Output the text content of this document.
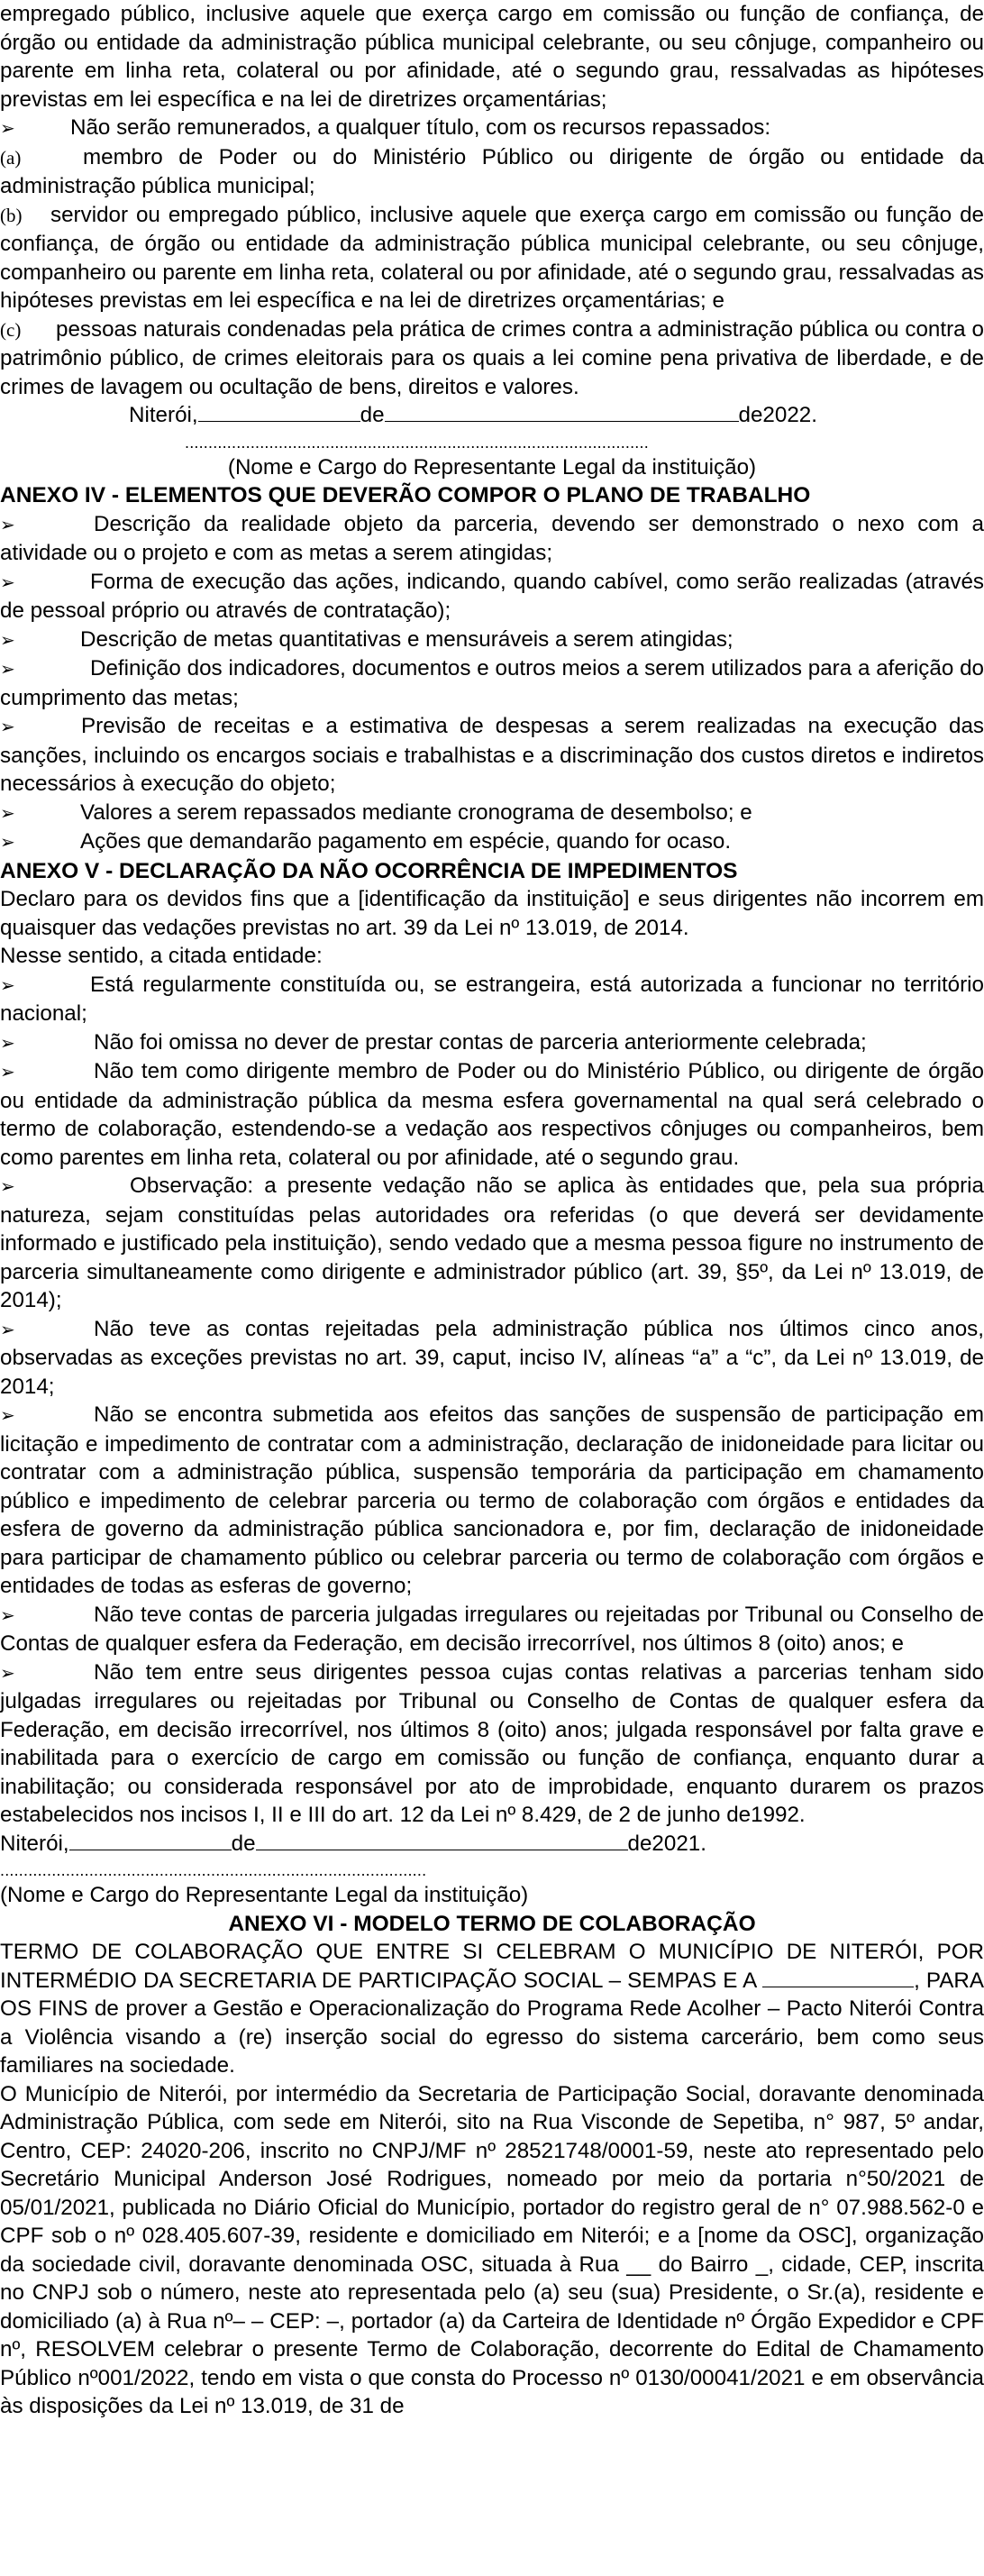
empregado público, inclusive aquele que exerça cargo em comissão ou função de confiança, de órgão ou entidade da administração pública municipal celebrante, ou seu cônjuge, companheiro ou parente em linha reta, colateral ou por afinidade, até o segundo grau, ressalvadas as hipóteses previstas em lei específica e na lei de diretrizes orçamentárias;

➢	Não serão remunerados, a qualquer título, com os recursos repassados:

(a)	membro de Poder ou do Ministério Público ou dirigente de órgão ou entidade da administração pública municipal;

(b) servidor ou empregado público, inclusive aquele que exerça cargo em comissão ou função de confiança, de órgão ou entidade da administração pública municipal celebrante, ou seu cônjuge, companheiro ou parente em linha reta, colateral ou por afinidade, até o segundo grau, ressalvadas as hipóteses previstas em lei específica e na lei de diretrizes orçamentárias; e

(c) pessoas naturais condenadas pela prática de crimes contra a administração pública ou contra o patrimônio público, de crimes eleitorais para os quais a lei comine pena privativa de liberdade, e de crimes de lavagem ou ocultação de bens, direitos e valores.

Niterói,	de	de2022.

...................................................................................................

(Nome e Cargo do Representante Legal da instituição)

ANEXO IV - ELEMENTOS QUE DEVERÃO COMPOR O PLANO DE TRABALHO

➢	Descrição da realidade objeto da parceria, devendo ser demonstrado o nexo com a atividade ou o projeto e com as metas a serem atingidas;

➢	Forma de execução das ações, indicando, quando cabível, como serão realizadas (através de pessoal próprio ou através de contratação);

➢	Descrição de metas quantitativas e mensuráveis a serem atingidas;

➢	Definição dos indicadores, documentos e outros meios a serem utilizados para a aferição do cumprimento das metas;

➢	Previsão de receitas e a estimativa de despesas a serem realizadas na execução das sanções, incluindo os encargos sociais e trabalhistas e a discriminação dos custos diretos e indiretos necessários à execução do objeto;

➢	Valores a serem repassados mediante cronograma de desembolso; e

➢	Ações que demandarão pagamento em espécie, quando for ocaso.

ANEXO V - DECLARAÇÃO DA NÃO OCORRÊNCIA DE IMPEDIMENTOS

Declaro para os devidos fins que a [identificação da instituição] e seus dirigentes não incorrem em quaisquer das vedações previstas no art. 39 da Lei nº 13.019, de 2014.

Nesse sentido, a citada entidade:

➢	Está regularmente constituída ou, se estrangeira, está autorizada a funcionar no território nacional;

➢	Não foi omissa no dever de prestar contas de parceria anteriormente celebrada;

➢	Não tem como dirigente membro de Poder ou do Ministério Público, ou dirigente de órgão ou entidade da administração pública da mesma esfera governamental na qual será celebrado o termo de colaboração, estendendo-se a vedação aos respectivos cônjuges ou companheiros, bem como parentes em linha reta, colateral ou por afinidade, até o segundo grau.

➢	Observação: a presente vedação não se aplica às entidades que, pela sua própria natureza, sejam constituídas pelas autoridades ora referidas (o que deverá ser devidamente informado e justificado pela instituição), sendo vedado que a mesma pessoa figure no instrumento de parceria simultaneamente como dirigente e administrador público (art. 39, §5º, da Lei nº 13.019, de 2014);

➢	Não teve as contas rejeitadas pela administração pública nos últimos cinco anos, observadas as exceções previstas no art. 39, caput, inciso IV, alíneas “a” a “c”, da Lei nº 13.019, de 2014;

➢	Não se encontra submetida aos efeitos das sanções de suspensão de participação em licitação e impedimento de contratar com a administração, declaração de inidoneidade para licitar ou contratar com a administração pública, suspensão temporária da participação em chamamento público e impedimento de celebrar parceria ou termo de colaboração com órgãos e entidades da esfera de governo da administração pública sancionadora e, por fim, declaração de inidoneidade para participar de chamamento público ou celebrar parceria ou termo de colaboração com órgãos e entidades de todas as esferas de governo;

➢	Não teve contas de parceria julgadas irregulares ou rejeitadas por Tribunal ou Conselho de Contas de qualquer esfera da Federação, em decisão irrecorrível, nos últimos 8 (oito) anos; e

➢	Não tem entre seus dirigentes pessoa cujas contas relativas a parcerias tenham sido julgadas irregulares ou rejeitadas por Tribunal ou Conselho de Contas de qualquer esfera da Federação, em decisão irrecorrível, nos últimos 8 (oito) anos; julgada responsável por falta grave e inabilitada para o exercício de cargo em comissão ou função de confiança, enquanto durar a inabilitação; ou considerada responsável por ato de improbidade, enquanto durarem os prazos estabelecidos nos incisos I, II e III do art. 12 da Lei nº 8.429, de 2 de junho de1992.

Niterói,	de	de2021.

...........................................................................................

(Nome e Cargo do Representante Legal da instituição)

ANEXO VI - MODELO TERMO DE COLABORAÇÃO

TERMO DE COLABORAÇÃO QUE ENTRE SI CELEBRAM O MUNICÍPIO DE NITERÓI, POR INTERMÉDIO DA SECRETARIA DE PARTICIPAÇÃO SOCIAL – SEMPAS E A	, PARA OS FINS de prover a Gestão e Operacionalização do Programa Rede Acolher – Pacto Niterói Contra a Violência visando a (re) inserção social do egresso do sistema carcerário, bem como seus familiares na sociedade.

O Município de Niterói, por intermédio da Secretaria de Participação Social, doravante denominada Administração Pública, com sede em Niterói, sito na Rua Visconde de Sepetiba, n° 987, 5º andar, Centro, CEP: 24020-206, inscrito no CNPJ/MF nº 28521748/0001-59, neste ato representado pelo Secretário Municipal Anderson José Rodrigues, nomeado por meio da portaria n°50/2021 de 05/01/2021, publicada no Diário Oficial do Município, portador do registro geral de n° 07.988.562-0 e CPF sob o nº 028.405.607-39, residente e domiciliado em Niterói; e a [nome da OSC], organização da sociedade civil, doravante denominada OSC, situada à Rua __ do Bairro _, cidade, CEP, inscrita no CNPJ sob o número, neste ato representada pelo (a) seu (sua) Presidente, o Sr.(a), residente e domiciliado (a) à Rua nº– – CEP: –, portador (a) da Carteira de Identidade nº Órgão Expedidor e CPF nº, RESOLVEM celebrar o presente Termo de Colaboração, decorrente do Edital de Chamamento Público nº001/2022, tendo em vista o que consta do Processo nº 0130/00041/2021 e em observância às disposições da Lei nº 13.019, de 31 de
